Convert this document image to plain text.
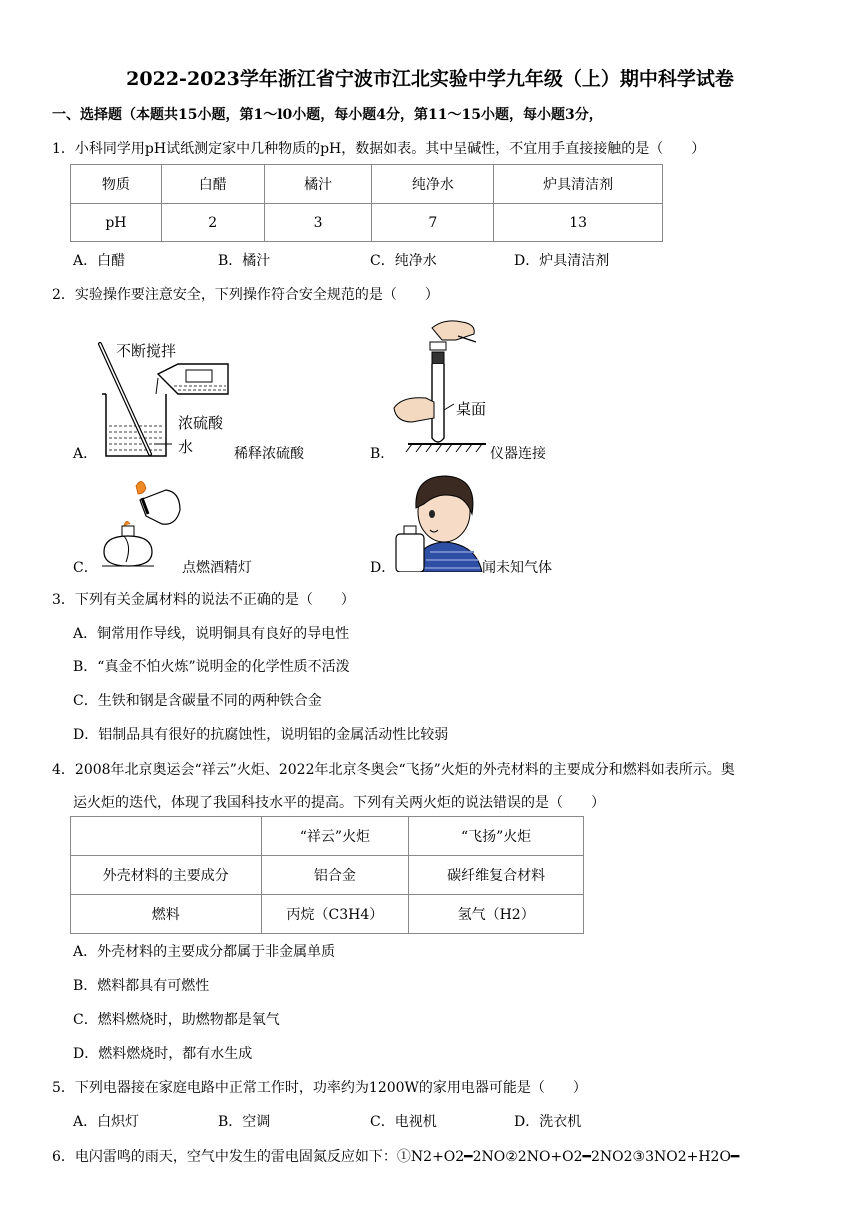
2022-2023学年浙江省宁波市江北实验中学九年级（上）期中科学试卷
一、选择题（本题共15小题，第1～l0小题，每小题4分，第11～15小题，每小题3分，
1．小科同学用pH试纸测定家中几种物质的pH，数据如表。其中呈碱性，不宜用手直接接触的是（　　）
物质	白醋	橘汁	纯净水	炉具清洁剂
pH	2	3	7	13
A．白醋	B．橘汁	C．纯净水	D．炉具清洁剂
2．实验操作要注意安全，下列操作符合安全规范的是（　　）
A．
不断搅拌
浓硫酸
水	稀释浓硫酸	B．
桌面
仪器连接
C．	点燃酒精灯	D．	闻未知气体
3．下列有关金属材料的说法不正确的是（　　）
A．铜常用作导线，说明铜具有良好的导电性
B．“真金不怕火炼”说明金的化学性质不活泼
C．生铁和钢是含碳量不同的两种铁合金
D．铝制品具有很好的抗腐蚀性，说明铝的金属活动性比较弱
4．2008年北京奥运会“祥云”火炬、2022年北京冬奥会“飞扬”火炬的外壳材料的主要成分和燃料如表所示。奥
运火炬的迭代，体现了我国科技水平的提高。下列有关两火炬的说法错误的是（　　）
	“祥云”火炬	“飞扬”火炬
外壳材料的主要成分	铝合金	碳纤维复合材料
燃料	丙烷（C3H4）	氢气（H2）
A．外壳材料的主要成分都属于非金属单质
B．燃料都具有可燃性
C．燃料燃烧时，助燃物都是氧气
D．燃料燃烧时，都有水生成
5．下列电器接在家庭电路中正常工作时，功率约为1200W的家用电器可能是（　　）
A．白炽灯	B．空调	C．电视机	D．洗衣机
6．电闪雷鸣的雨天，空气中发生的雷电固氮反应如下：①N2+O2━2NO②2NO+O2━2NO2③3NO2+H2O━
